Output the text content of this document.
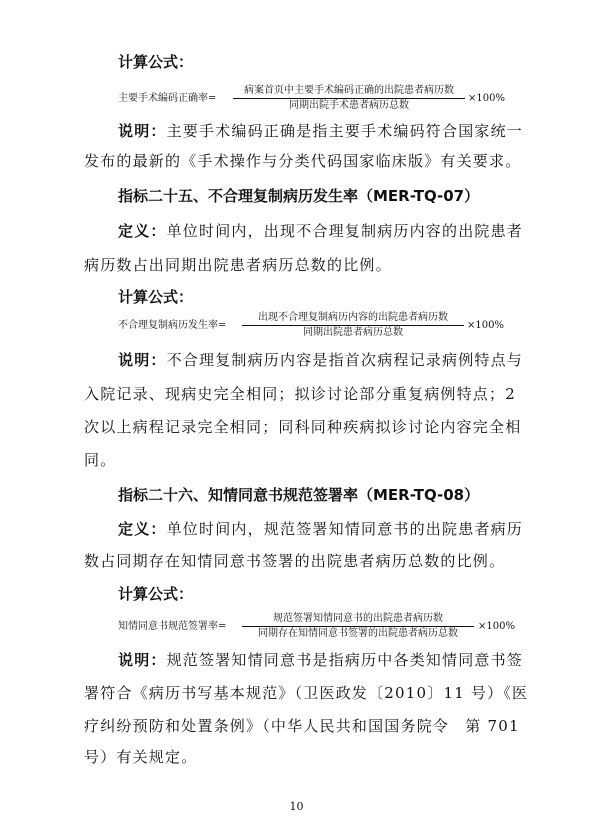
计算公式：
主要手术编码正确率=
病案首页中主要手术编码正确的出院患者病历数
同期出院手术患者病历总数
×100%
说明：主要手术编码正确是指主要手术编码符合国家统一
发布的最新的《手术操作与分类代码国家临床版》有关要求。
指标二十五、不合理复制病历发生率（MER-TQ-07）
定义：单位时间内，出现不合理复制病历内容的出院患者
病历数占出同期出院患者病历总数的比例。
计算公式：
不合理复制病历发生率=
出现不合理复制病历内容的出院患者病历数
同期出院患者病历总数
×100%
说明：不合理复制病历内容是指首次病程记录病例特点与
入院记录、现病史完全相同；拟诊讨论部分重复病例特点；2
次以上病程记录完全相同；同科同种疾病拟诊讨论内容完全相
同。
指标二十六、知情同意书规范签署率（MER-TQ-08）
定义：单位时间内，规范签署知情同意书的出院患者病历
数占同期存在知情同意书签署的出院患者病历总数的比例。
计算公式：
知情同意书规范签署率=
规范签署知情同意书的出院患者病历数
同期存在知情同意书签署的出院患者病历总数
×100%
说明：规范签署知情同意书是指病历中各类知情同意书签
署符合《病历书写基本规范》（卫医政发〔2010〕11 号）《医
疗纠纷预防和处置条例》（中华人民共和国国务院令　第 701
号）有关规定。
10
